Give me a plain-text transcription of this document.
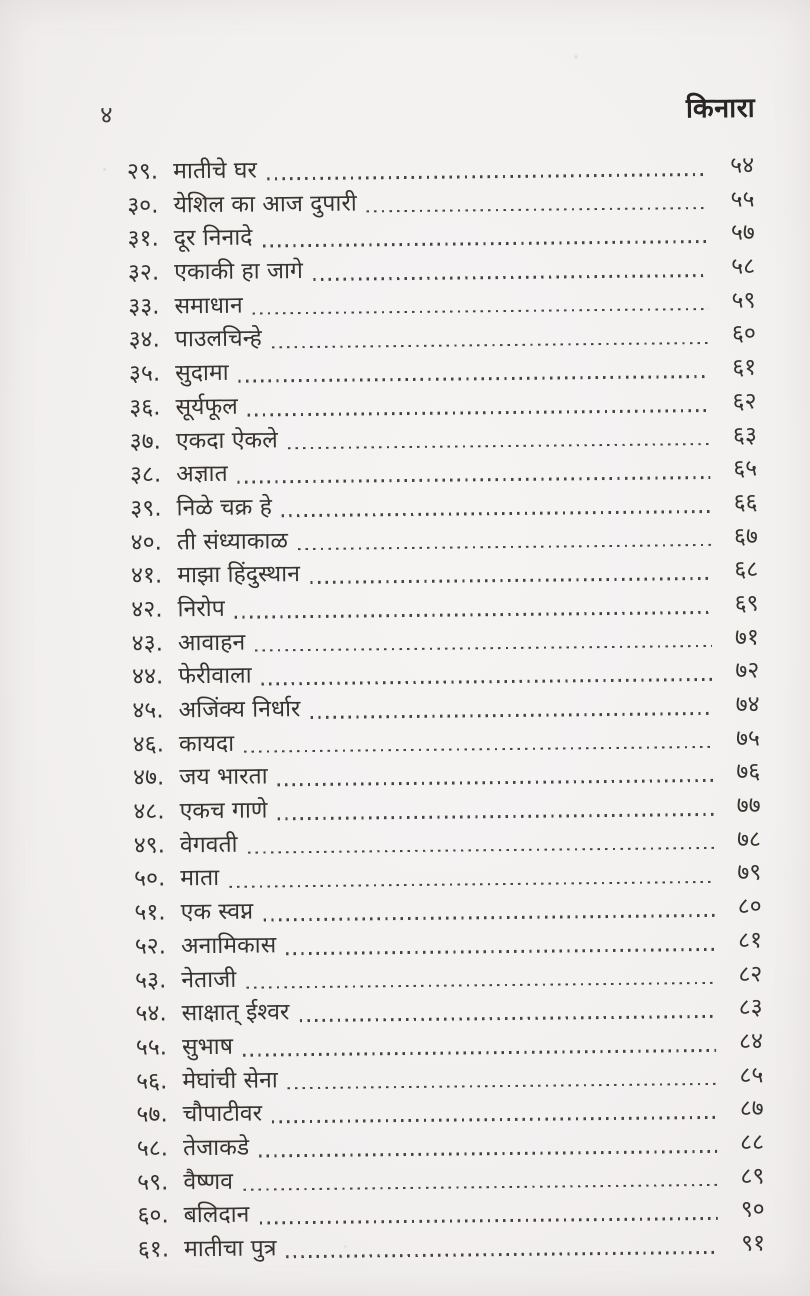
४	किनारा
२९. मातीचे घर	५४
३०. येशिल का आज दुपारी	५५
३१. दूर निनादे	५७
३२. एकाकी हा जागे	५८
३३. समाधान	५९
३४. पाउलचिन्हे	६०
३५. सुदामा	६१
३६. सूर्यफूल	६२
३७. एकदा ऐकले	६३
३८. अज्ञात	६५
३९. निळे चक्र हे	६६
४०. ती संध्याकाळ	६७
४१. माझा हिंदुस्थान	६८
४२. निरोप	६९
४३. आवाहन	७१
४४. फेरीवाला	७२
४५. अजिंक्य निर्धार	७४
४६. कायदा	७५
४७. जय भारता	७६
४८. एकच गाणे	७७
४९. वेगवती	७८
५०. माता	७९
५१. एक स्वप्न	८०
५२. अनामिकास	८१
५३. नेताजी	८२
५४. साक्षात् ईश्वर	८३
५५. सुभाष	८४
५६. मेघांची सेना	८५
५७. चौपाटीवर	८७
५८. तेजाकडे	८८
५९. वैष्णव	८९
६०. बलिदान	९०
६१. मातीचा पुत्र	९१
